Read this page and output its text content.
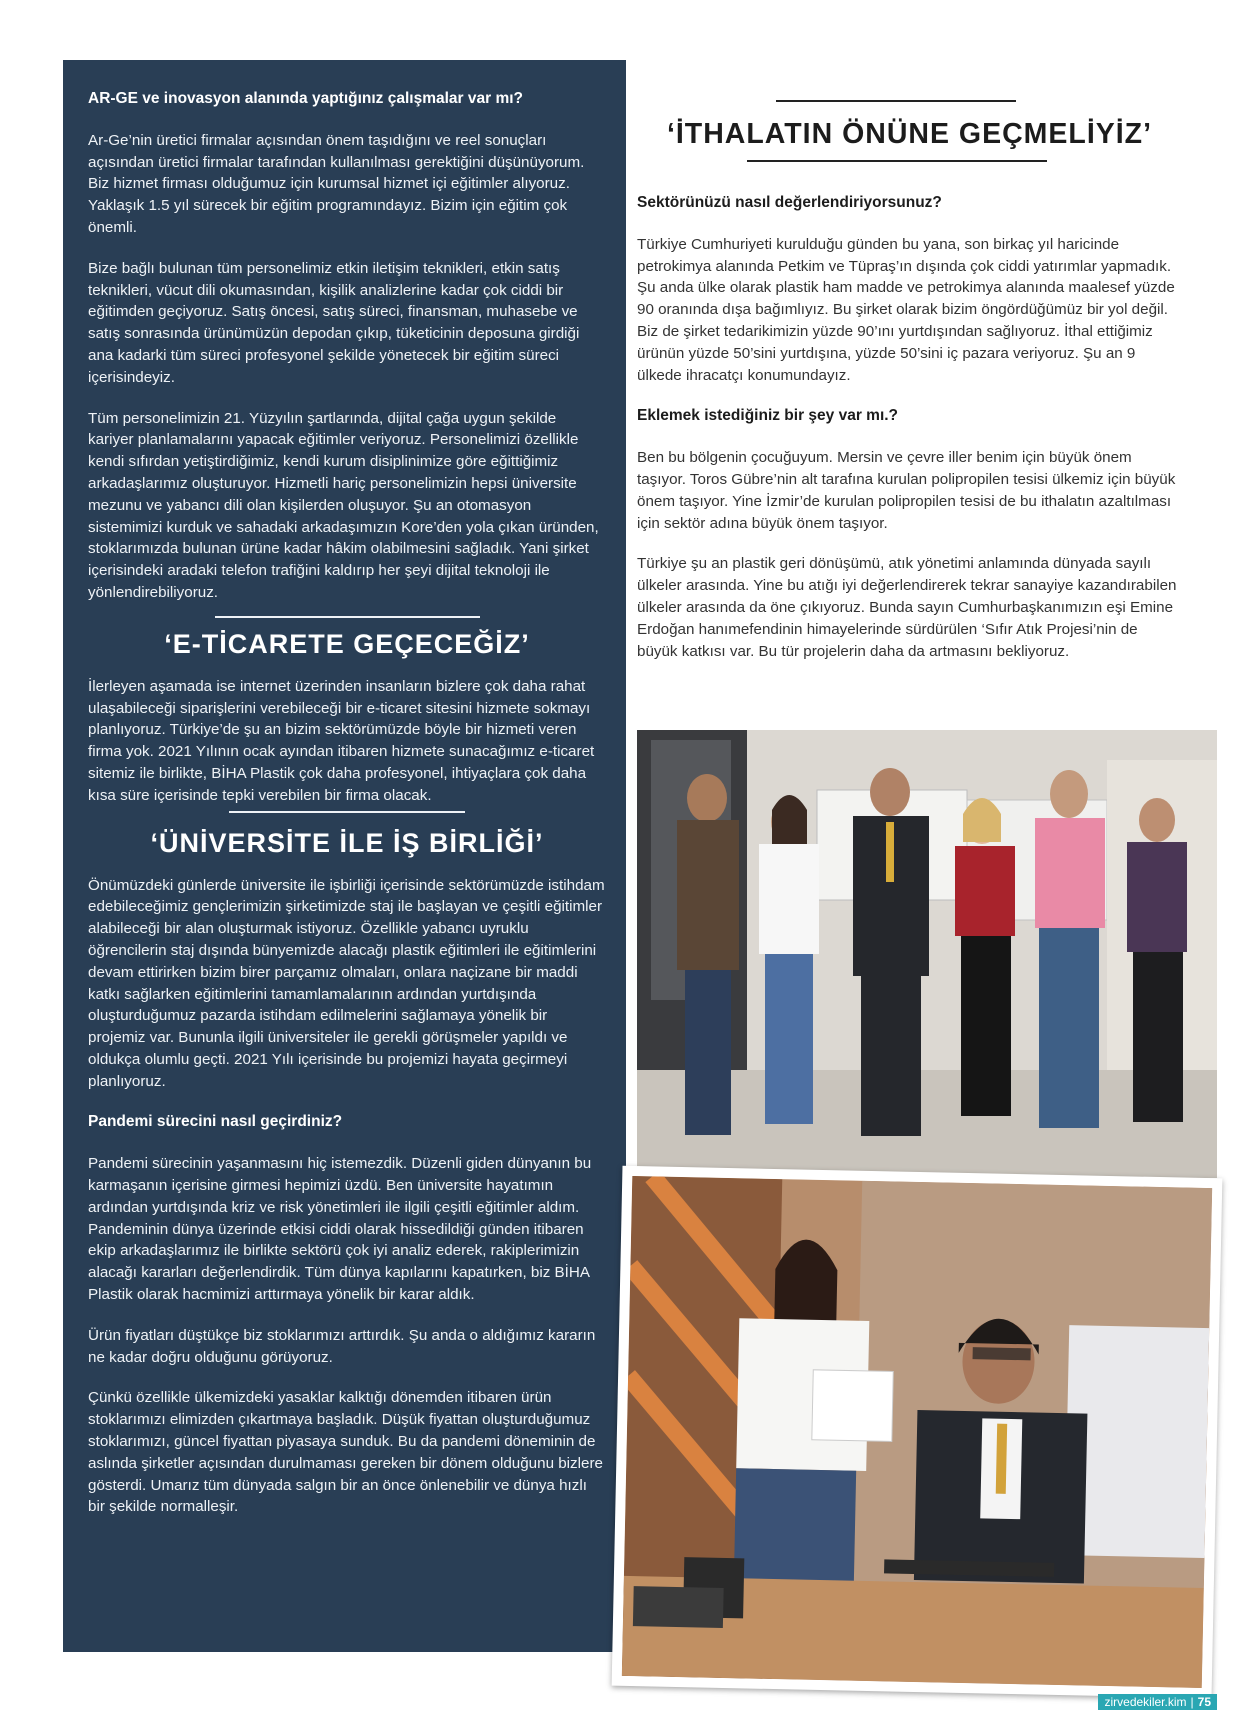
AR-GE ve inovasyon alanında yaptığınız çalışmalar var mı?

Ar-Ge’nin üretici firmalar açısından önem taşıdığını ve reel sonuçları açısından üretici firmalar tarafından kullanılması gerektiğini düşünüyorum. Biz hizmet firması olduğumuz için kurumsal hizmet içi eğitimler alıyoruz. Yaklaşık 1.5 yıl sürecek bir eğitim programındayız. Bizim için eğitim çok önemli.

Bize bağlı bulunan tüm personelimiz etkin iletişim teknikleri, etkin satış teknikleri, vücut dili okumasından, kişilik analizlerine kadar çok ciddi bir eğitimden geçiyoruz. Satış öncesi, satış süreci, finansman, muhasebe ve satış sonrasında ürünümüzün depodan çıkıp, tüketicinin deposuna girdiği ana kadarki tüm süreci profesyonel şekilde yönetecek bir eğitim süreci içerisindeyiz.

Tüm personelimizin 21. Yüzyılın şartlarında, dijital çağa uygun şekilde kariyer planlamalarını yapacak eğitimler veriyoruz. Personelimizi özellikle kendi sıfırdan yetiştirdiğimiz, kendi kurum disiplinimize göre eğittiğimiz arkadaşlarımız oluşturuyor. Hizmetli hariç personelimizin hepsi üniversite mezunu ve yabancı dili olan kişilerden oluşuyor. Şu an otomasyon sistemimizi kurduk ve sahadaki arkadaşımızın Kore’den yola çıkan üründen, stoklarımızda bulunan ürüne kadar hâkim olabilmesini sağladık. Yani şirket içerisindeki aradaki telefon trafiğini kaldırıp her şeyi dijital teknoloji ile yönlendirebiliyoruz.

‘E-TİCARETE GEÇECEĞİZ’

İlerleyen aşamada ise internet üzerinden insanların bizlere çok daha rahat ulaşabileceği siparişlerini verebileceği bir e-ticaret sitesini hizmete sokmayı planlıyoruz. Türkiye’de şu an bizim sektörümüzde böyle bir hizmeti veren firma yok. 2021 Yılının ocak ayından itibaren hizmete sunacağımız e-ticaret sitemiz ile birlikte, BİHA Plastik çok daha profesyonel, ihtiyaçlara çok daha kısa süre içerisinde tepki verebilen bir firma olacak.

‘ÜNİVERSİTE İLE İŞ BİRLİĞİ’

Önümüzdeki günlerde üniversite ile işbirliği içerisinde sektörümüzde istihdam edebileceğimiz gençlerimizin şirketimizde staj ile başlayan ve çeşitli eğitimler alabileceği bir alan oluşturmak istiyoruz. Özellikle yabancı uyruklu öğrencilerin staj dışında bünyemizde alacağı plastik eğitimleri ile eğitimlerini devam ettirirken bizim birer parçamız olmaları, onlara naçizane bir maddi katkı sağlarken eğitimlerini tamamlamalarının ardından yurtdışında oluşturduğumuz pazarda istihdam edilmelerini sağlamaya yönelik bir projemiz var. Bununla ilgili üniversiteler ile gerekli görüşmeler yapıldı ve oldukça olumlu geçti. 2021 Yılı içerisinde bu projemizi hayata geçirmeyi planlıyoruz.

Pandemi sürecini nasıl geçirdiniz?

Pandemi sürecinin yaşanmasını hiç istemezdik. Düzenli giden dünyanın bu karmaşanın içerisine girmesi hepimizi üzdü. Ben üniversite hayatımın ardından yurtdışında kriz ve risk yönetimleri ile ilgili çeşitli eğitimler aldım. Pandeminin dünya üzerinde etkisi ciddi olarak hissedildiği günden itibaren ekip arkadaşlarımız ile birlikte sektörü çok iyi analiz ederek, rakiplerimizin alacağı kararları değerlendirdik. Tüm dünya kapılarını kapatırken, biz BİHA Plastik olarak hacmimizi arttırmaya yönelik bir karar aldık.

Ürün fiyatları düştükçe biz stoklarımızı arttırdık. Şu anda o aldığımız kararın ne kadar doğru olduğunu görüyoruz.

Çünkü özellikle ülkemizdeki yasaklar kalktığı dönemden itibaren ürün stoklarımızı elimizden çıkartmaya başladık. Düşük fiyattan oluşturduğumuz stoklarımızı, güncel fiyattan piyasaya sunduk. Bu da pandemi döneminin de aslında şirketler açısından durulmaması gereken bir dönem olduğunu bizlere gösterdi. Umarız tüm dünyada salgın bir an önce önlenebilir ve dünya hızlı bir şekilde normalleşir.

‘İTHALATIN ÖNÜNE GEÇMELİYİZ’

Sektörünüzü nasıl değerlendiriyorsunuz?

Türkiye Cumhuriyeti kurulduğu günden bu yana, son birkaç yıl haricinde petrokimya alanında Petkim ve Tüpraş’ın dışında çok ciddi yatırımlar yapmadık. Şu anda ülke olarak plastik ham madde ve petrokimya alanında maalesef yüzde 90 oranında dışa bağımlıyız. Bu şirket olarak bizim öngördüğümüz bir yol değil. Biz de şirket tedarikimizin yüzde 90’ını yurtdışından sağlıyoruz. İthal ettiğimiz ürünün yüzde 50’sini yurtdışına, yüzde 50’sini iç pazara veriyoruz. Şu an 9 ülkede ihracatçı konumundayız.

Eklemek istediğiniz bir şey var mı.?

Ben bu bölgenin çocuğuyum. Mersin ve çevre iller benim için büyük önem taşıyor. Toros Gübre’nin alt tarafına kurulan polipropilen tesisi ülkemiz için büyük önem taşıyor. Yine İzmir’de kurulan polipropilen tesisi de bu ithalatın azaltılması için sektör adına büyük önem taşıyor.

Türkiye şu an plastik geri dönüşümü, atık yönetimi anlamında dünyada sayılı ülkeler arasında. Yine bu atığı iyi değerlendirerek tekrar sanayiye kazandırabilen ülkeler arasında da öne çıkıyoruz. Bunda sayın Cumhurbaşkanımızın eşi Emine Erdoğan hanımefendinin himayelerinde sürdürülen ‘Sıfır Atık Projesi’nin de büyük katkısı var. Bu tür projelerin daha da artmasını bekliyoruz.

zirvedekiler.kim | 75
